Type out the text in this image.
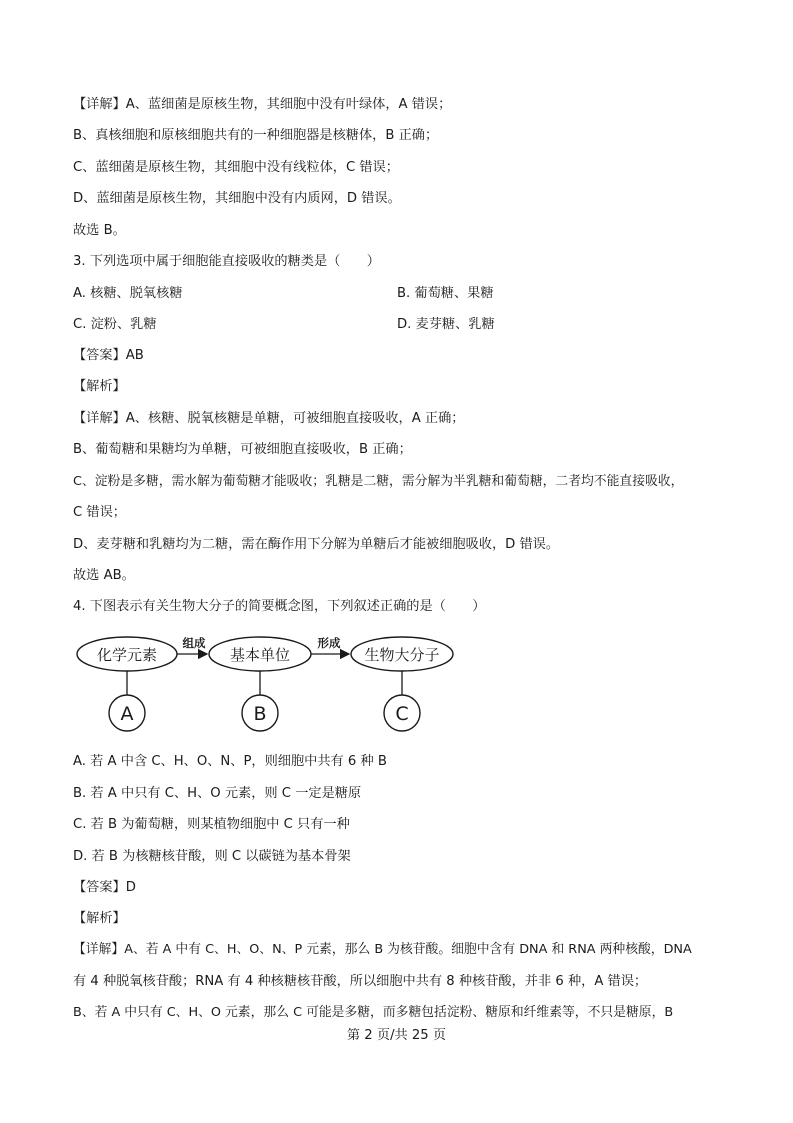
【详解】A、蓝细菌是原核生物，其细胞中没有叶绿体，A 错误；
B、真核细胞和原核细胞共有的一种细胞器是核糖体，B 正确；
C、蓝细菌是原核生物，其细胞中没有线粒体，C 错误；
D、蓝细菌是原核生物，其细胞中没有内质网，D 错误。
故选 B。
3. 下列选项中属于细胞能直接吸收的糖类是（　　）
A. 核糖、脱氧核糖	B. 葡萄糖、果糖
C. 淀粉、乳糖	D. 麦芽糖、乳糖
【答案】AB
【解析】
【详解】A、核糖、脱氧核糖是单糖，可被细胞直接吸收，A 正确；
B、葡萄糖和果糖均为单糖，可被细胞直接吸收，B 正确；
C、淀粉是多糖，需水解为葡萄糖才能吸收；乳糖是二糖，需分解为半乳糖和葡萄糖，二者均不能直接吸收，
C 错误；
D、麦芽糖和乳糖均为二糖，需在酶作用下分解为单糖后才能被细胞吸收，D 错误。
故选 AB。
4. 下图表示有关生物大分子的简要概念图，下列叙述正确的是（　　）
化学元素	基本单位	生物大分子
组成	形成
A	B	C
A. 若 A 中含 C、H、O、N、P，则细胞中共有 6 种 B
B. 若 A 中只有 C、H、O 元素，则 C 一定是糖原
C. 若 B 为葡萄糖，则某植物细胞中 C 只有一种
D. 若 B 为核糖核苷酸，则 C 以碳链为基本骨架
【答案】D
【解析】
【详解】A、若 A 中有 C、H、O、N、P 元素，那么 B 为核苷酸。细胞中含有 DNA 和 RNA 两种核酸，DNA
有 4 种脱氧核苷酸；RNA 有 4 种核糖核苷酸，所以细胞中共有 8 种核苷酸，并非 6 种，A 错误；
B、若 A 中只有 C、H、O 元素，那么 C 可能是多糖，而多糖包括淀粉、糖原和纤维素等，不只是糖原，B
第 2 页/共 25 页
